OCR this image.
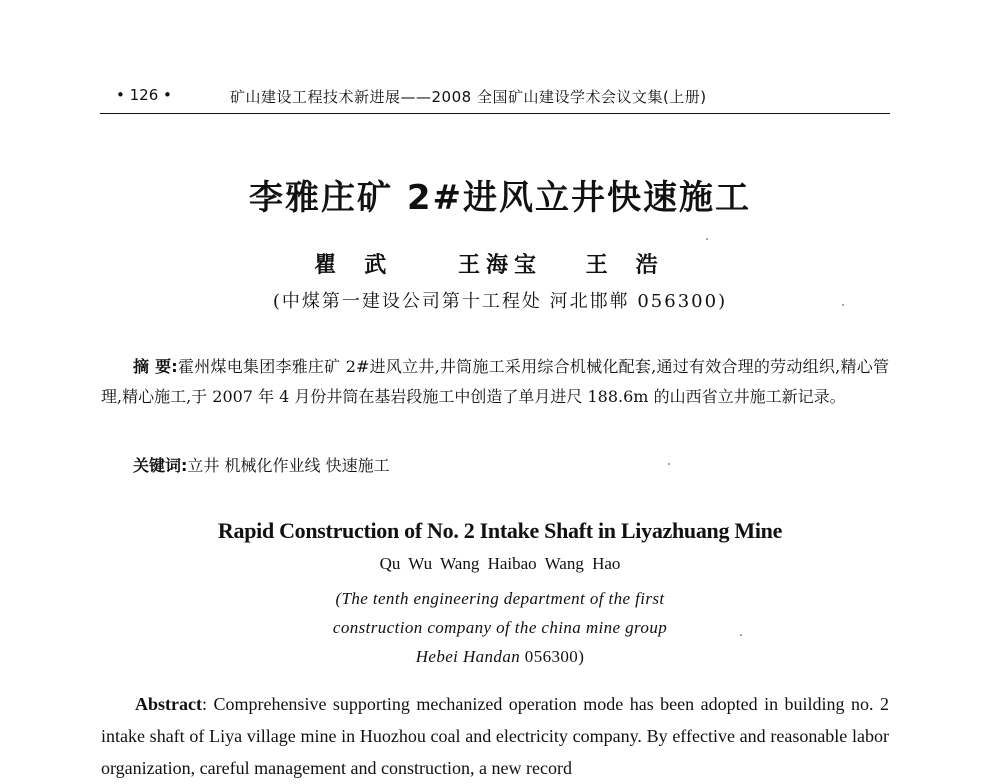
• 126 •	矿山建设工程技术新进展——2008 全国矿山建设学术会议文集(上册)
李雅庄矿 2#进风立井快速施工
瞿武 王海宝 王浩
(中煤第一建设公司第十工程处 河北邯郸 056300)
摘 要:霍州煤电集团李雅庄矿 2#进风立井,井筒施工采用综合机械化配套,通过有效合理的劳动组织,精心管理,精心施工,于 2007 年 4 月份井筒在基岩段施工中创造了单月进尺 188.6m 的山西省立井施工新记录。
关键词:立井 机械化作业线 快速施工
Rapid Construction of No. 2 Intake Shaft in Liyazhuang Mine
Qu Wu Wang Haibao Wang Hao
(The tenth engineering department of the first
construction company of the china mine group
Hebei Handan 056300)
Abstract: Comprehensive supporting mechanized operation mode has been adopted in building no. 2 intake shaft of Liya village mine in Huozhou coal and electricity company. By effective and reasonable labor organization, careful management and construction, a new record
